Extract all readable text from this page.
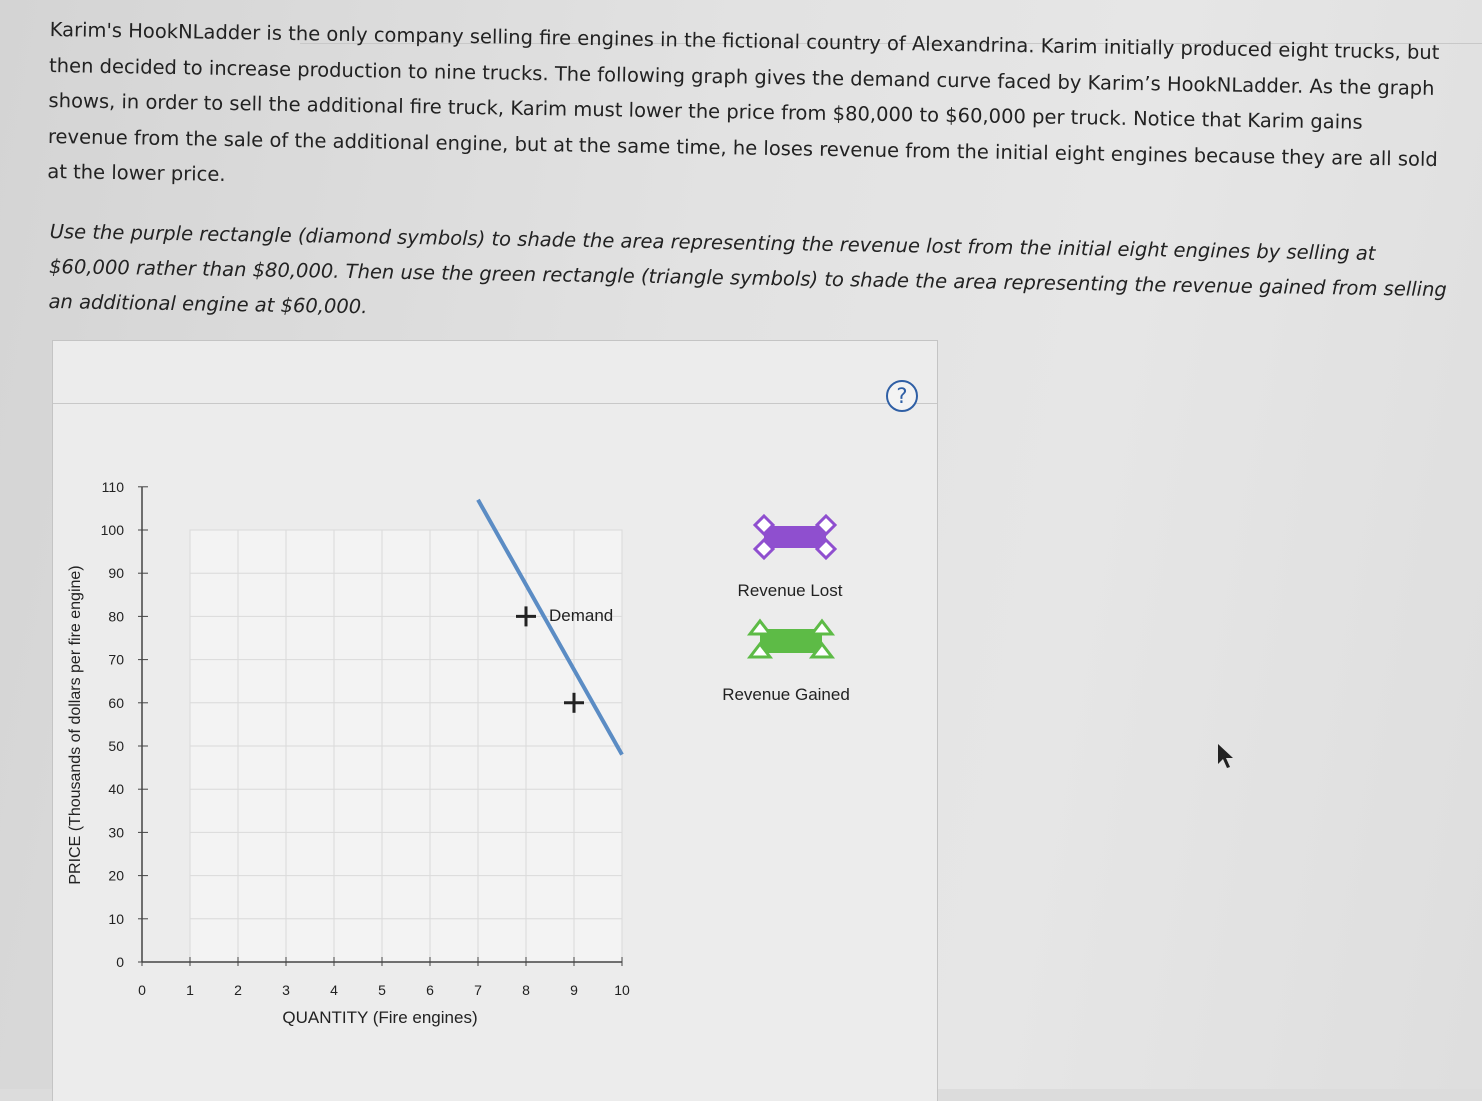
Karim's HookNLadder is the only company selling fire engines in the fictional country of Alexandrina. Karim initially produced eight trucks, but then decided to increase production to nine trucks. The following graph gives the demand curve faced by Karim’s HookNLadder. As the graph shows, in order to sell the additional fire truck, Karim must lower the price from $80,000 to $60,000 per truck. Notice that Karim gains revenue from the sale of the additional engine, but at the same time, he loses revenue from the initial eight engines because they are all sold at the lower price.

Use the purple rectangle (diamond symbols) to shade the area representing the revenue lost from the initial eight engines by selling at $60,000 rather than $80,000. Then use the green rectangle (triangle symbols) to shade the area representing the revenue gained from selling an additional engine at $60,000.

?
0
10
20
30
40
50
60
70
80
90
100
110
0	1	2	3	4	5	6	7	8	9	10
PRICE (Thousands of dollars per fire engine)
QUANTITY (Fire engines)
Demand
Revenue Lost
Revenue Gained
